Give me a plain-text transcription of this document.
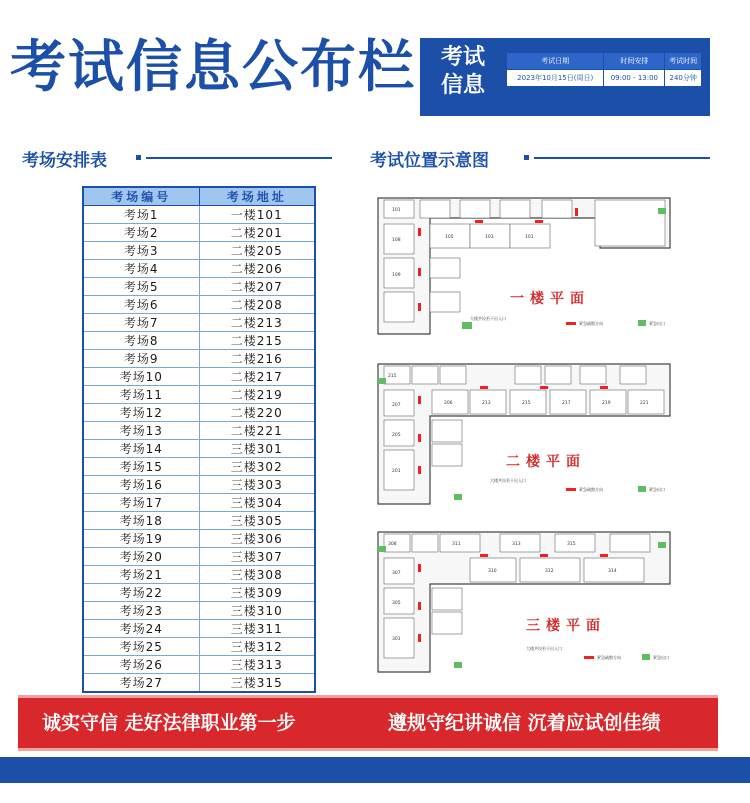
考试信息公布栏	考试
信息
考试日期	时间安排	考试时间
2023年10月15日(周日)	09:00 - 13:00	240分钟
考场安排表	考试位置示意图
考场编号	考场地址
考场1	一楼101
考场2	二楼201
考场3	二楼205
考场4	二楼206
考场5	二楼207
考场6	二楼208
考场7	二楼213
考场8	二楼215
考场9	二楼216
考场10	二楼217
考场11	二楼219
考场12	二楼220
考场13	二楼221
考场14	三楼301
考场15	三楼302
考场16	三楼303
考场17	三楼304
考场18	三楼305
考场19	三楼306
考场20	三楼307
考场21	三楼308
考场22	三楼309
考场23	三楼310
考场24	三楼311
考场25	三楼312
考场26	三楼313
考场27	三楼315
101
108
109
105	103	101
一楼平面
大楼共设若干出入口
紧急疏散方向	紧急出口
215
206	213	215	217	219	221
207
205
201
二楼平面
大楼共设若干出入口
紧急疏散方向	紧急出口
308	311	313	315
310	312	314
307
305
301
三楼平面
大楼共设若干出入口
紧急疏散方向	紧急出口
诚实守信 走好法律职业第一步	遵规守纪讲诚信 沉着应试创佳绩
